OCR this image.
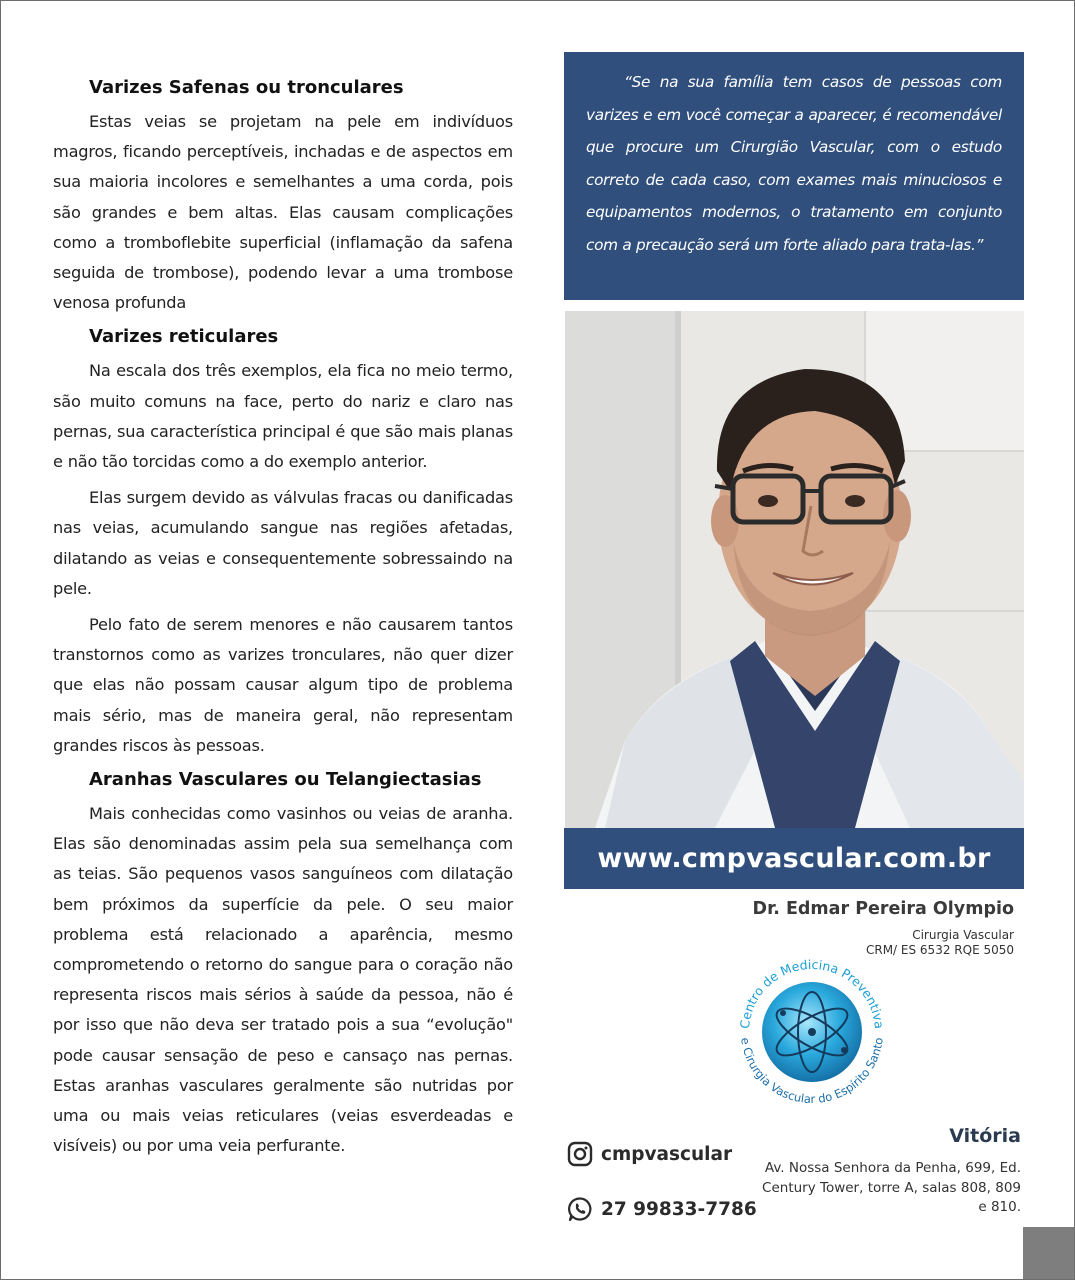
Varizes Safenas ou tronculares

Estas veias se projetam na pele em indivíduos magros, ficando perceptíveis, inchadas e de aspectos em sua maioria incolores e semelhantes a uma corda, pois são grandes e bem altas. Elas causam complicações como a tromboflebite superficial (inflamação da safena seguida de trombose), podendo levar a uma trombose venosa profunda

Varizes reticulares

Na escala dos três exemplos, ela fica no meio termo, são muito comuns na face, perto do nariz e claro nas pernas, sua característica principal é que são mais planas e não tão torcidas como a do exemplo anterior.

Elas surgem devido as válvulas fracas ou danificadas nas veias, acumulando sangue nas regiões afetadas, dilatando as veias e consequentemente sobressaindo na pele.

Pelo fato de serem menores e não causarem tantos transtornos como as varizes tronculares, não quer dizer que elas não possam causar algum tipo de problema mais sério, mas de maneira geral, não representam grandes riscos às pessoas.

Aranhas Vasculares ou Telangiectasias

Mais conhecidas como vasinhos ou veias de aranha. Elas são denominadas assim pela sua semelhança com as teias. São pequenos vasos sanguíneos com dilatação bem próximos da superfície da pele. O seu maior problema está relacionado a aparência, mesmo comprometendo o retorno do sangue para o coração não representa riscos mais sérios à saúde da pessoa, não é por isso que não deva ser tratado pois a sua “evolução" pode causar sensação de peso e cansaço nas pernas. Estas aranhas vasculares geralmente são nutridas por uma ou mais veias reticulares (veias esverdeadas e visíveis) ou por uma veia perfurante.

“Se na sua família tem casos de pessoas com varizes e em você começar a aparecer, é recomendável que procure um Cirurgião Vascular, com o estudo correto de cada caso, com exames mais minuciosos e equipamentos modernos, o tratamento em conjunto com a precaução será um forte aliado para trata-las.”

www.cmpvascular.com.br
Dr. Edmar Pereira Olympio
Cirurgia Vascular
CRM/ ES 6532 RQE 5050
Centro de Medicina Preventiva
e Cirurgia Vascular do Espírito Santo
cmpvascular
27 99833-7786
Vitória
Av. Nossa Senhora da Penha, 699, Ed. Century Tower, torre A, salas 808, 809 e 810.
